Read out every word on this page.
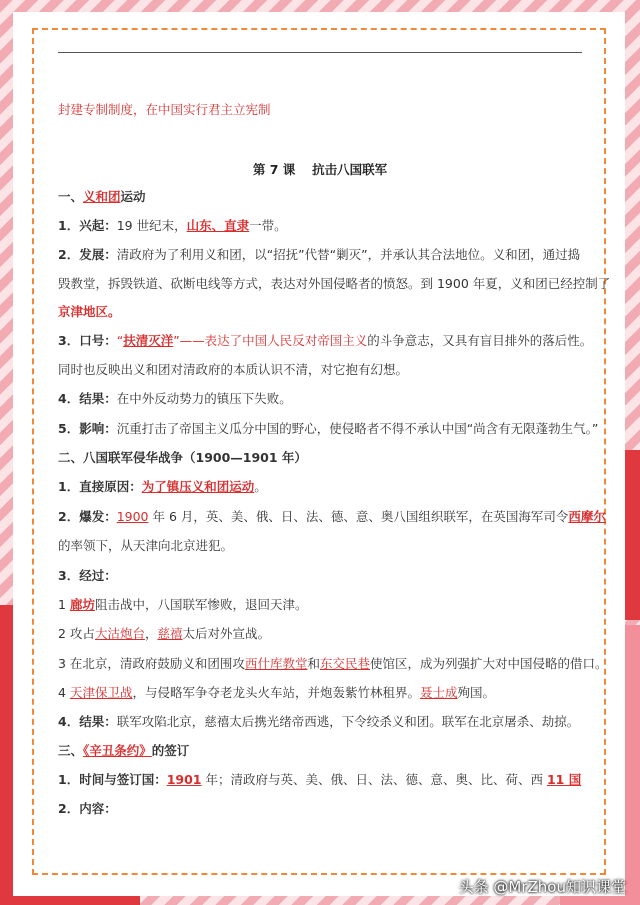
封建专制制度，在中国实行君主立宪制
第 7 课　 抗击八国联军
一、义和团运动
1．兴起：19 世纪末，山东、直隶一带。
2．发展：清政府为了利用义和团，以“招抚”代替“剿灭”，并承认其合法地位。义和团，通过捣
毁教堂，拆毁铁道、砍断电线等方式，表达对外国侵略者的愤怒。到 1900 年夏，义和团已经控制了
京津地区。
3．口号：“扶清灭洋”——表达了中国人民反对帝国主义的斗争意志，又具有盲目排外的落后性。
同时也反映出义和团对清政府的本质认识不清，对它抱有幻想。
4．结果：在中外反动势力的镇压下失败。
5．影响：沉重打击了帝国主义瓜分中国的野心，使侵略者不得不承认中国“尚含有无限蓬勃生气。”
二、八国联军侵华战争（1900—1901 年）
1．直接原因：为了镇压义和团运动。
2．爆发：1900 年 6 月，英、美、俄、日、法、德、意、奥八国组织联军，在英国海军司令西摩尔
的率领下，从天津向北京进犯。
3．经过：
1 廊坊阻击战中，八国联军惨败，退回天津。
2 攻占大沽炮台，慈禧太后对外宣战。
3 在北京，清政府鼓励义和团围攻西什库教堂和东交民巷使馆区，成为列强扩大对中国侵略的借口。
4 天津保卫战，与侵略军争夺老龙头火车站，并炮轰紫竹林租界。聂士成殉国。
4．结果：联军攻陷北京，慈禧太后携光绪帝西逃，下令绞杀义和团。联军在北京屠杀、劫掠。
三、《辛丑条约》的签订
1．时间与签订国：1901 年；清政府与英、美、俄、日、法、德、意、奥、比、荷、西 11 国
2．内容：
头条 @MrZhou知识课堂
